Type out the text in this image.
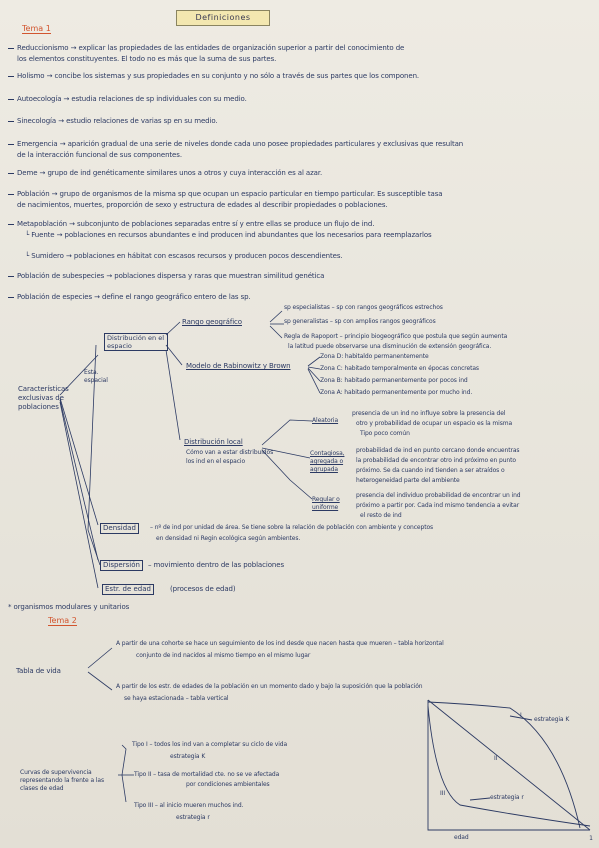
Definiciones
Tema 1
Reduccionismo → explicar las propiedades de las entidades de organización superior a partir del conocimiento de
los elementos constituyentes. El todo no es más que la suma de sus partes.
Holismo → concibe los sistemas y sus propiedades en su conjunto y no sólo a través de sus partes que los componen.
Autoecología → estudia relaciones de sp individuales con su medio.
Sinecología → estudio relaciones de varias sp en su medio.
Emergencia → aparición gradual de una serie de niveles donde cada uno posee propiedades particulares y exclusivas que resultan
de la interacción funcional de sus componentes.
Deme → grupo de ind genéticamente similares unos a otros y cuya interacción es al azar.
Población → grupo de organismos de la misma sp que ocupan un espacio particular en tiempo particular. Es susceptible tasa
de nacimientos, muertes, proporción de sexo y estructura de edades al describir propiedades o poblaciones.
Metapoblación → subconjunto de poblaciones separadas entre sí y entre ellas se produce un flujo de ind.
└ Fuente → poblaciones en recursos abundantes e ind producen ind abundantes que los necesarios para reemplazarlos
└ Sumidero → poblaciones en hábitat con escasos recursos y producen pocos descendientes.
Población de subespecies → poblaciones dispersa y raras que muestran similitud genética
Población de especies → define el rango geográfico entero de las sp.
Características exclusivas de poblaciones
Esta. espacial
Distribución en el espacio
Rango geográfico
sp especialistas – sp con rangos geográficos estrechos
sp generalistas – sp con amplios rangos geográficos
Regla de Rapoport – principio biogeográfico que postula que según aumenta
la latitud puede observarse una disminución de extensión geográfica.
Modelo de Rabinowitz y Brown
Zona D: habitaldo permanentemente
Zona C: habitado temporalmente en épocas concretas
Zona B: habitado permanentemente por pocos ind
Zona A: habitado permanentemente por mucho ind.
Distribución local
Cómo van a estar distribuidos
los ind en el espacio
Aleatoria
presencia de un ind no influye sobre la presencia del
otro y probabilidad de ocupar un espacio es la misma
Tipo poco común
Contagiosa, agregada o agrupada
probabilidad de ind en punto cercano donde encuentras
la probabilidad de encontrar otro ind próximo en punto
próximo. Se da cuando ind tienden a ser atraídos o
heterogeneidad parte del ambiente
Regular o uniforme
presencia del individuo probabilidad de encontrar un ind
próximo a partir por. Cada ind mismo tendencia a evitar
el resto de ind
Densidad	– nº de ind por unidad de área. Se tiene sobre la relación de población con ambiente y conceptos
en densidad ni Regin ecológica según ambientes.
Dispersión	– movimiento dentro de las poblaciones
Estr. de edad	(procesos de edad)
* organismos modulares y unitarios
Tema 2
Tabla de vida
A partir de una cohorte se hace un seguimiento de los ind desde que nacen hasta que mueren – tabla horizontal
conjunto de ind nacidos al mismo tiempo en el mismo lugar
A partir de los estr. de edades de la población en un momento dado y bajo la suposición que la población
se haya estacionada – tabla vertical
Curvas de supervivencia representando la frente a las clases de edad
Tipo I – todos los ind van a completar su ciclo de vida
estrategia K
Tipo II – tasa de mortalidad cte. no se ve afectada
por condiciones ambientales
Tipo III – al inicio mueren muchos ind.
estrategia r
estrategia K
estrategia r
edad
I
II
III
1
